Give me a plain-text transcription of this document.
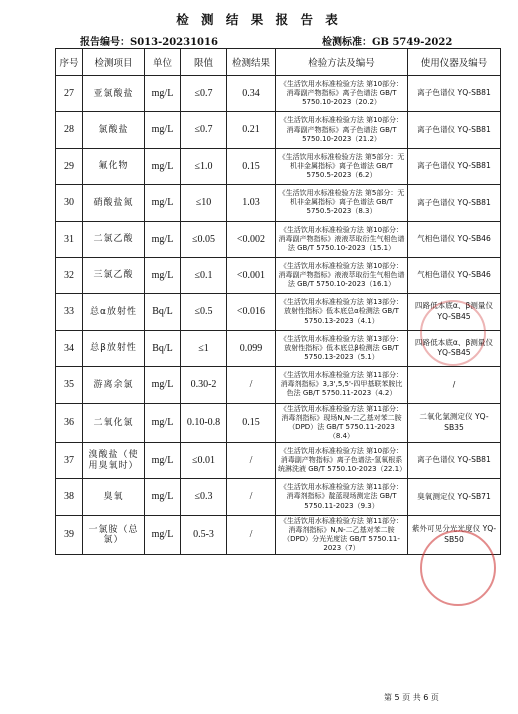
检 测 结 果 报 告 表
报告编号：S013-20231016	检测标准：GB 5749-2022
序号	检测项目	单位	限值	检测结果	检验方法及编号	使用仪器及编号
27	亚氯酸盐	mg/L	≤0.7	0.34	《生活饮用水标准检验方法 第10部分：消毒副产物指标》离子色谱法 GB/T 5750.10-2023（20.2）	离子色谱仪 YQ-SB81
28	氯酸盐	mg/L	≤0.7	0.21	《生活饮用水标准检验方法 第10部分：消毒副产物指标》离子色谱法 GB/T 5750.10-2023（21.2）	离子色谱仪 YQ-SB81
29	氟化物	mg/L	≤1.0	0.15	《生活饮用水标准检验方法 第5部分：无机非金属指标》离子色谱法 GB/T 5750.5-2023（6.2）	离子色谱仪 YQ-SB81
30	硝酸盐氮	mg/L	≤10	1.03	《生活饮用水标准检验方法 第5部分：无机非金属指标》离子色谱法 GB/T 5750.5-2023（8.3）	离子色谱仪 YQ-SB81
31	二氯乙酸	mg/L	≤0.05	<0.002	《生活饮用水标准检验方法 第10部分：消毒副产物指标》液液萃取衍生气相色谱法 GB/T 5750.10-2023（15.1）	气相色谱仪 YQ-SB46
32	三氯乙酸	mg/L	≤0.1	<0.001	《生活饮用水标准检验方法 第10部分：消毒副产物指标》液液萃取衍生气相色谱法 GB/T 5750.10-2023（16.1）	气相色谱仪 YQ-SB46
33	总α放射性	Bq/L	≤0.5	<0.016	《生活饮用水标准检验方法 第13部分：放射性指标》低本底总α检测法 GB/T 5750.13-2023（4.1）	四路低本底α、β测量仪 YQ-SB45
34	总β放射性	Bq/L	≤1	0.099	《生活饮用水标准检验方法 第13部分：放射性指标》低本底总β检测法 GB/T 5750.13-2023（5.1）	四路低本底α、β测量仪 YQ-SB45
35	游离余氯	mg/L	0.30-2	/	《生活饮用水标准检验方法 第11部分：消毒剂指标》3,3',5,5'-四甲基联苯胺比色法 GB/T 5750.11-2023（4.2）	/
36	二氧化氯	mg/L	0.10-0.8	0.15	《生活饮用水标准检验方法 第11部分：消毒剂指标》现场N,N-二乙基对苯二胺（DPD）法 GB/T 5750.11-2023（8.4）	二氧化氯测定仪 YQ-SB35
37	溴酸盐（使用臭氧时）	mg/L	≤0.01	/	《生活饮用水标准检验方法 第10部分：消毒副产物指标》离子色谱法-氢氧根系统淋洗液 GB/T 5750.10-2023（22.1）	离子色谱仪 YQ-SB81
38	臭氧	mg/L	≤0.3	/	《生活饮用水标准检验方法 第11部分：消毒剂指标》靛蓝现场测定法 GB/T 5750.11-2023（9.3）	臭氧测定仪 YQ-SB71
39	一氯胺（总氯）	mg/L	0.5-3	/	《生活饮用水标准检验方法 第11部分：消毒剂指标》N,N-二乙基对苯二胺（DPD）分光光度法 GB/T 5750.11-2023（7）	紫外可见分光光度仪 YQ-SB50
第 5 页 共 6 页
